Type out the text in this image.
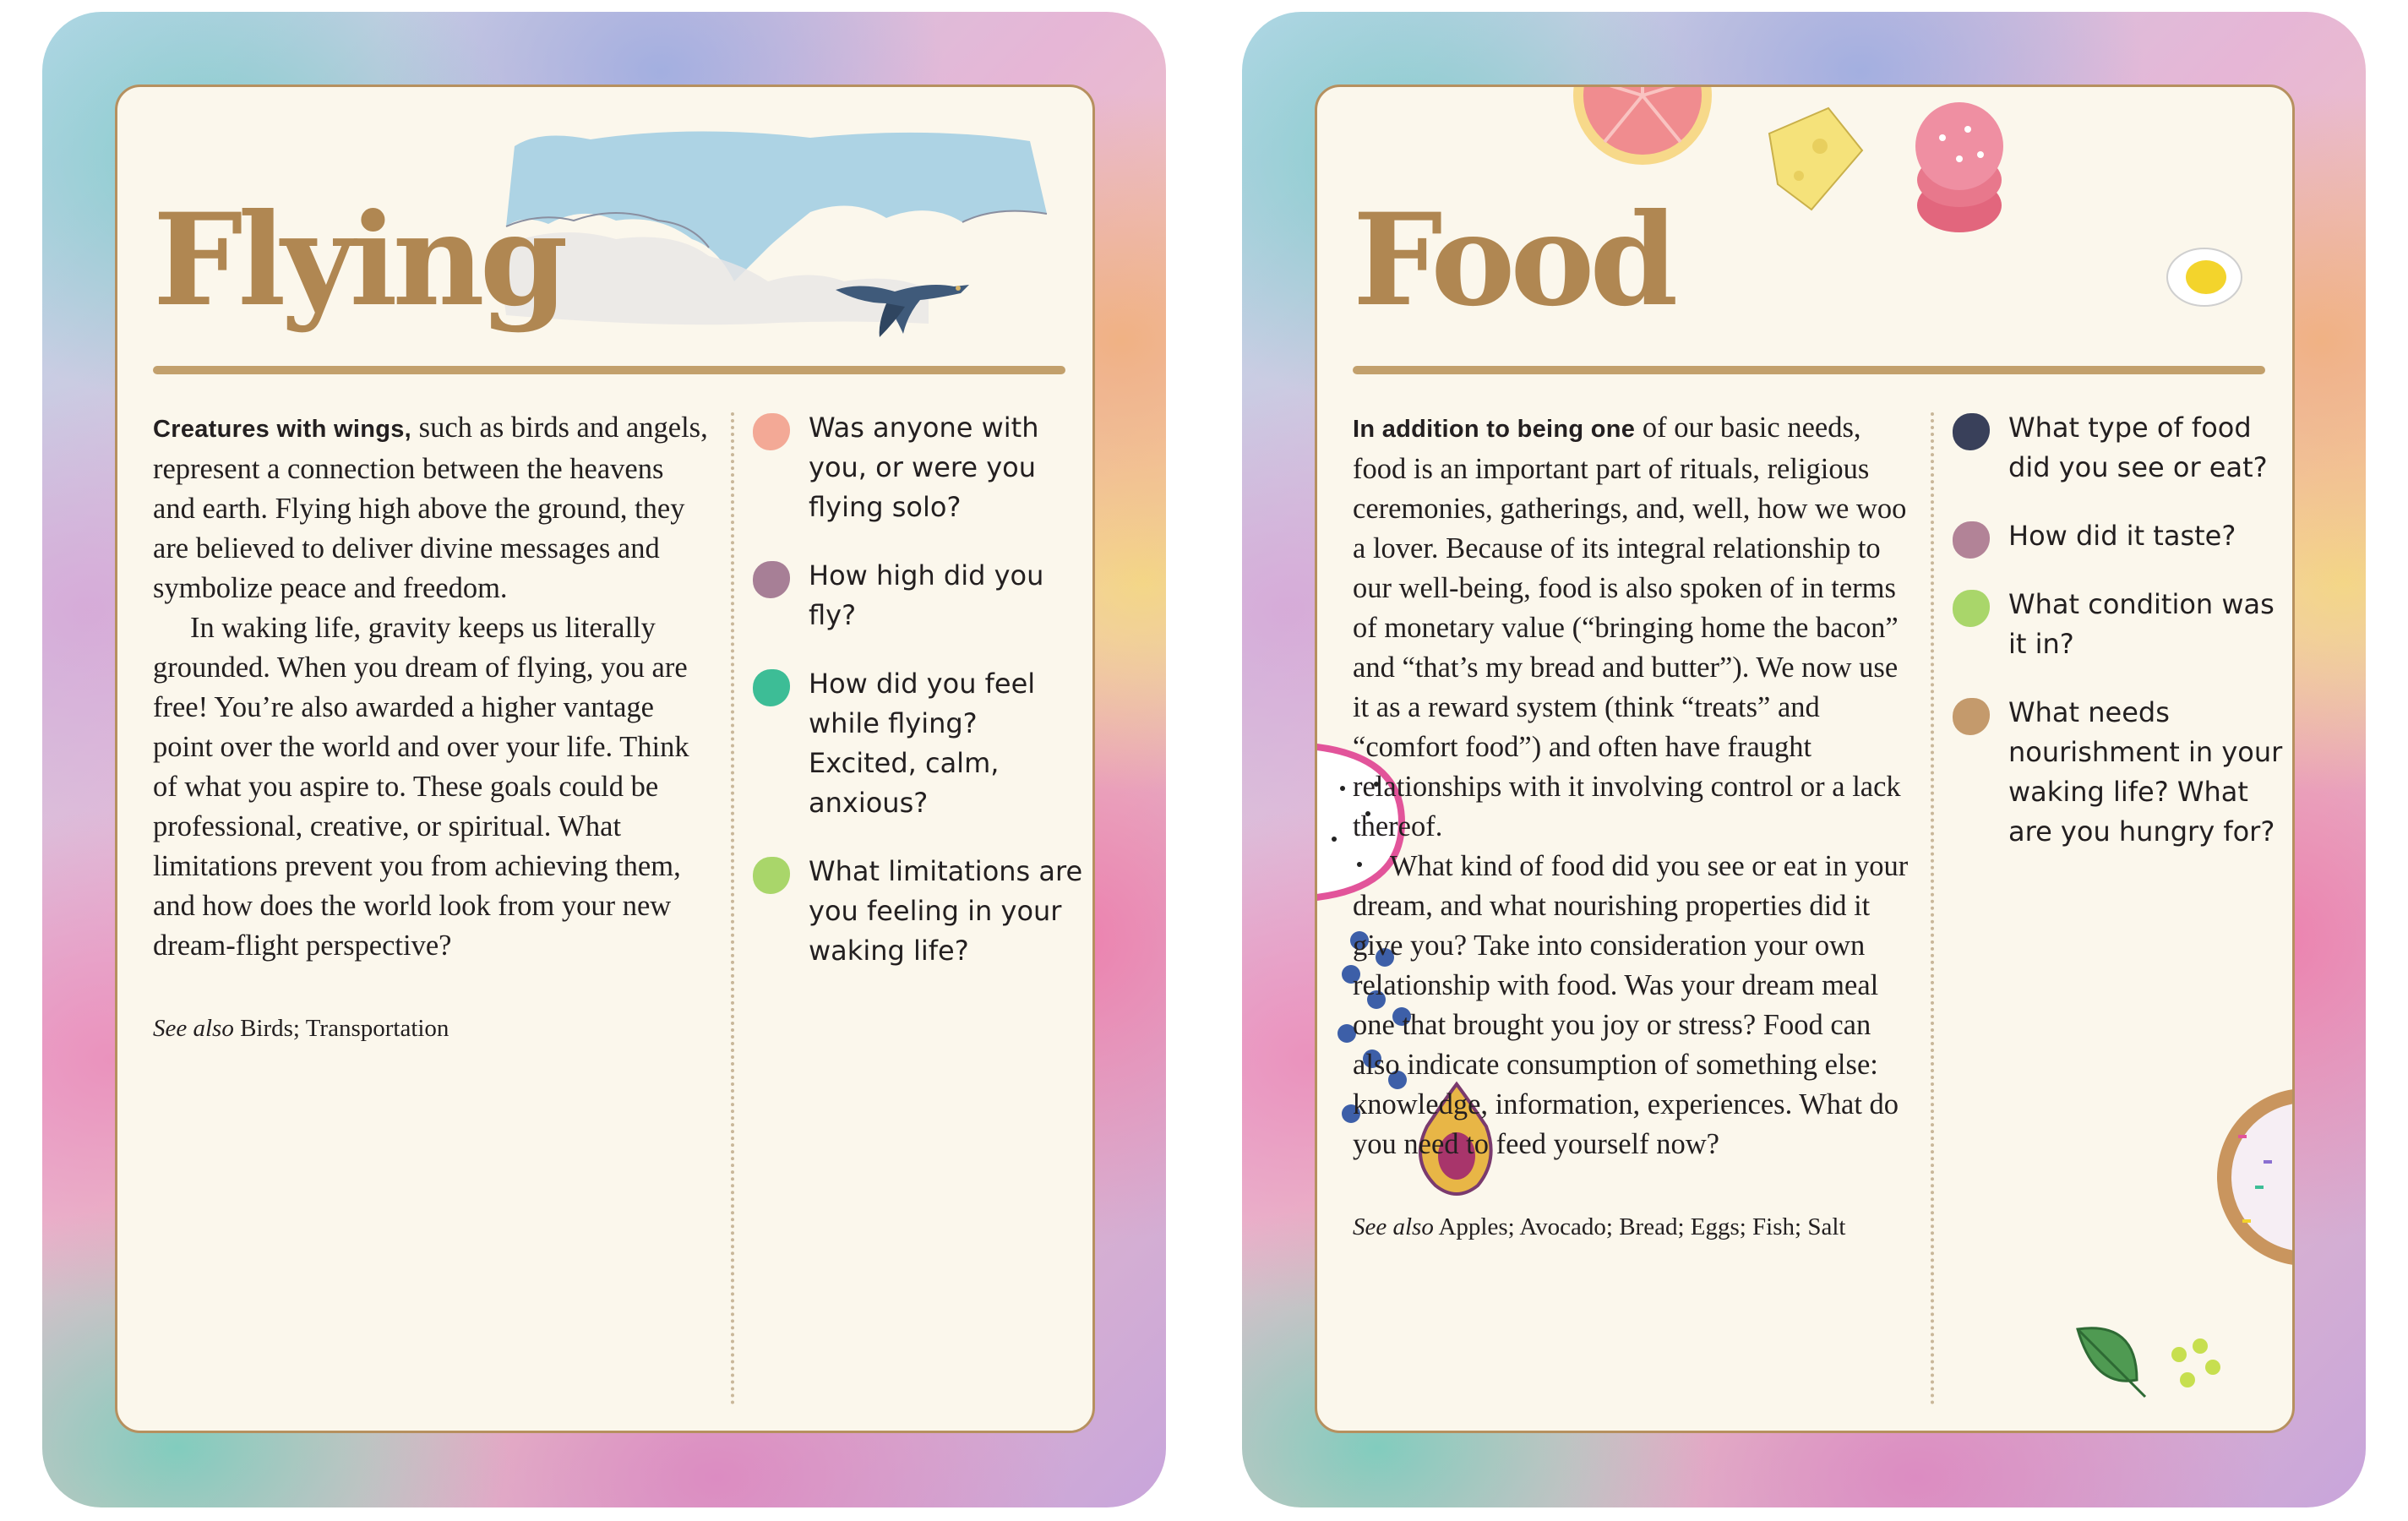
Flying

Creatures with wings, such as birds and angels, represent a connection between the heavens and earth. Flying high above the ground, they are believed to deliver divine messages and symbolize peace and freedom.

In waking life, gravity keeps us literally grounded. When you dream of flying, you are free! You’re also awarded a higher vantage point over the world and over your life. Think of what you aspire to. These goals could be professional, creative, or spiritual. What limitations prevent you from achieving them, and how does the world look from your new dream-flight perspective?

See also Birds; Transportation

Was anyone with you, or were you flying solo?
How high did you fly?
How did you feel while flying? Excited, calm, anxious?
What limitations are you feeling in your waking life?
Food

In addition to being one of our basic needs, food is an important part of rituals, religious ceremonies, gatherings, and, well, how we woo a lover. Because of its integral relationship to our well-being, food is also spoken of in terms of monetary value (“bringing home the bacon” and “that’s my bread and butter”). We now use it as a reward system (think “treats” and “comfort food”) and often have fraught relationships with it involving control or a lack thereof.

What kind of food did you see or eat in your dream, and what nourishing properties did it give you? Take into consideration your own relationship with food. Was your dream meal one that brought you joy or stress? Food can also indicate consumption of something else: knowledge, information, experiences. What do you need to feed yourself now?

See also Apples; Avocado; Bread; Eggs; Fish; Salt

What type of food did you see or eat?
How did it taste?
What condition was it in?
What needs nourishment in your waking life? What are you hungry for?
